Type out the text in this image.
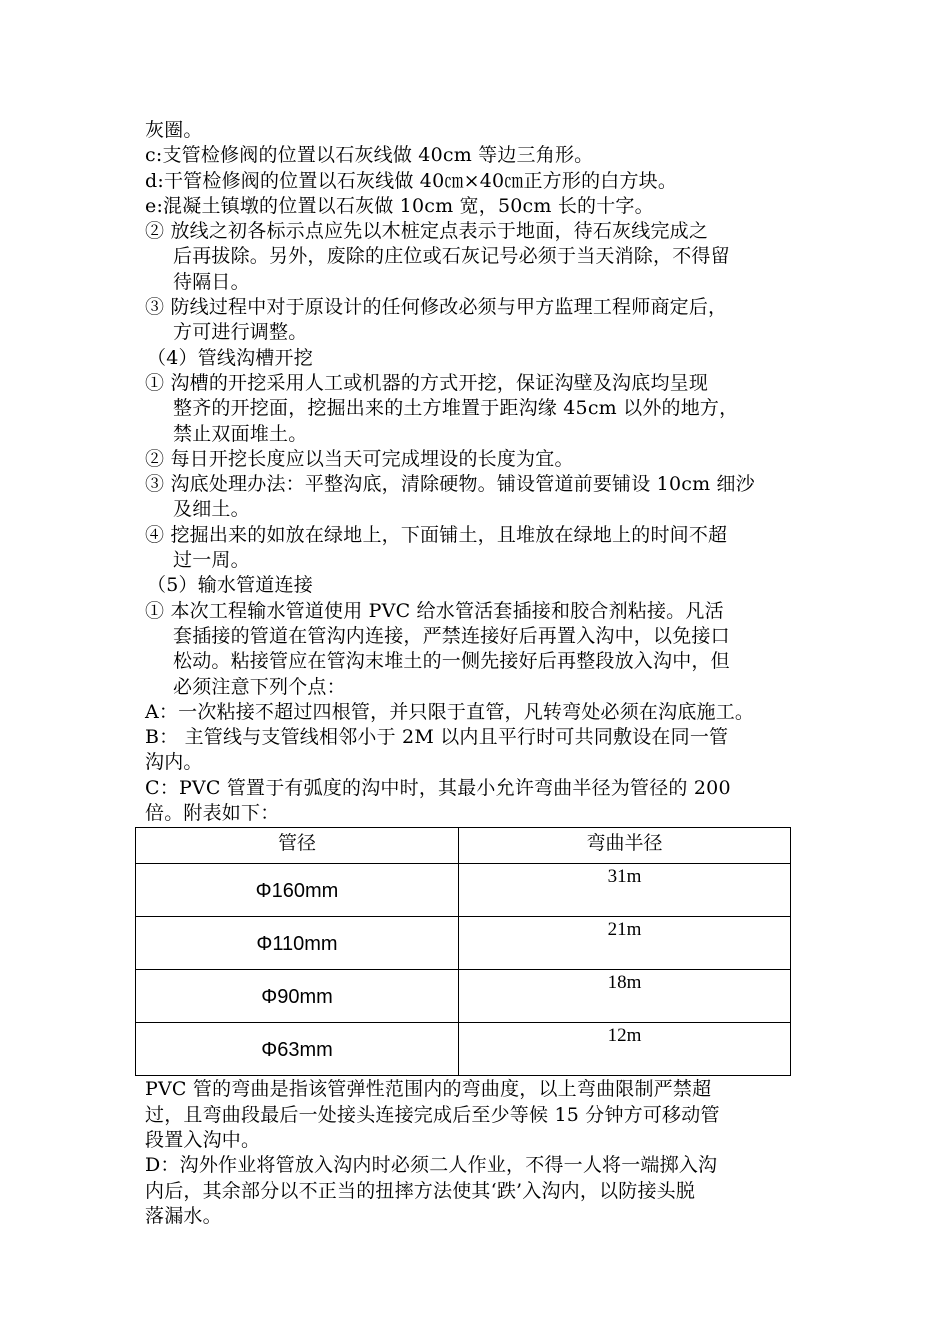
灰圈。
c:支管检修阀的位置以石灰线做 40cm 等边三角形。
d:干管检修阀的位置以石灰线做 40㎝×40㎝正方形的白方块。
e:混凝土镇墩的位置以石灰做 10cm 宽，50cm 长的十字。
② 放线之初各标示点应先以木桩定点表示于地面，待石灰线完成之
后再拔除。另外，废除的庄位或石灰记号必须于当天消除，不得留
待隔日。
③ 防线过程中对于原设计的任何修改必须与甲方监理工程师商定后，
方可进行调整。
（4）管线沟槽开挖
① 沟槽的开挖采用人工或机器的方式开挖，保证沟壁及沟底均呈现
整齐的开挖面，挖掘出来的土方堆置于距沟缘 45cm 以外的地方，
禁止双面堆土。
② 每日开挖长度应以当天可完成埋设的长度为宜。
③ 沟底处理办法：平整沟底，清除硬物。铺设管道前要铺设 10cm 细沙
及细土。
④ 挖掘出来的如放在绿地上，下面铺土，且堆放在绿地上的时间不超
过一周。
（5）输水管道连接
① 本次工程输水管道使用 PVC 给水管活套插接和胶合剂粘接。凡活
套插接的管道在管沟内连接，严禁连接好后再置入沟中，以免接口
松动。粘接管应在管沟末堆土的一侧先接好后再整段放入沟中，但
必须注意下列个点：
A：一次粘接不超过四根管，并只限于直管，凡转弯处必须在沟底施工。
B： 主管线与支管线相邻小于 2M 以内且平行时可共同敷设在同一管
沟内。
C：PVC 管置于有弧度的沟中时，其最小允许弯曲半径为管径的 200
倍。附表如下：
管径	弯曲半径
Φ160mm	31m
Φ110mm	21m
Φ90mm	18m
Φ63mm	12m
PVC 管的弯曲是指该管弹性范围内的弯曲度，以上弯曲限制严禁超
过，且弯曲段最后一处接头连接完成后至少等候 15 分钟方可移动管
段置入沟中。
D：沟外作业将管放入沟内时必须二人作业，不得一人将一端掷入沟
内后，其余部分以不正当的扭摔方法使其‘跌’入沟内，以防接头脱
落漏水。
